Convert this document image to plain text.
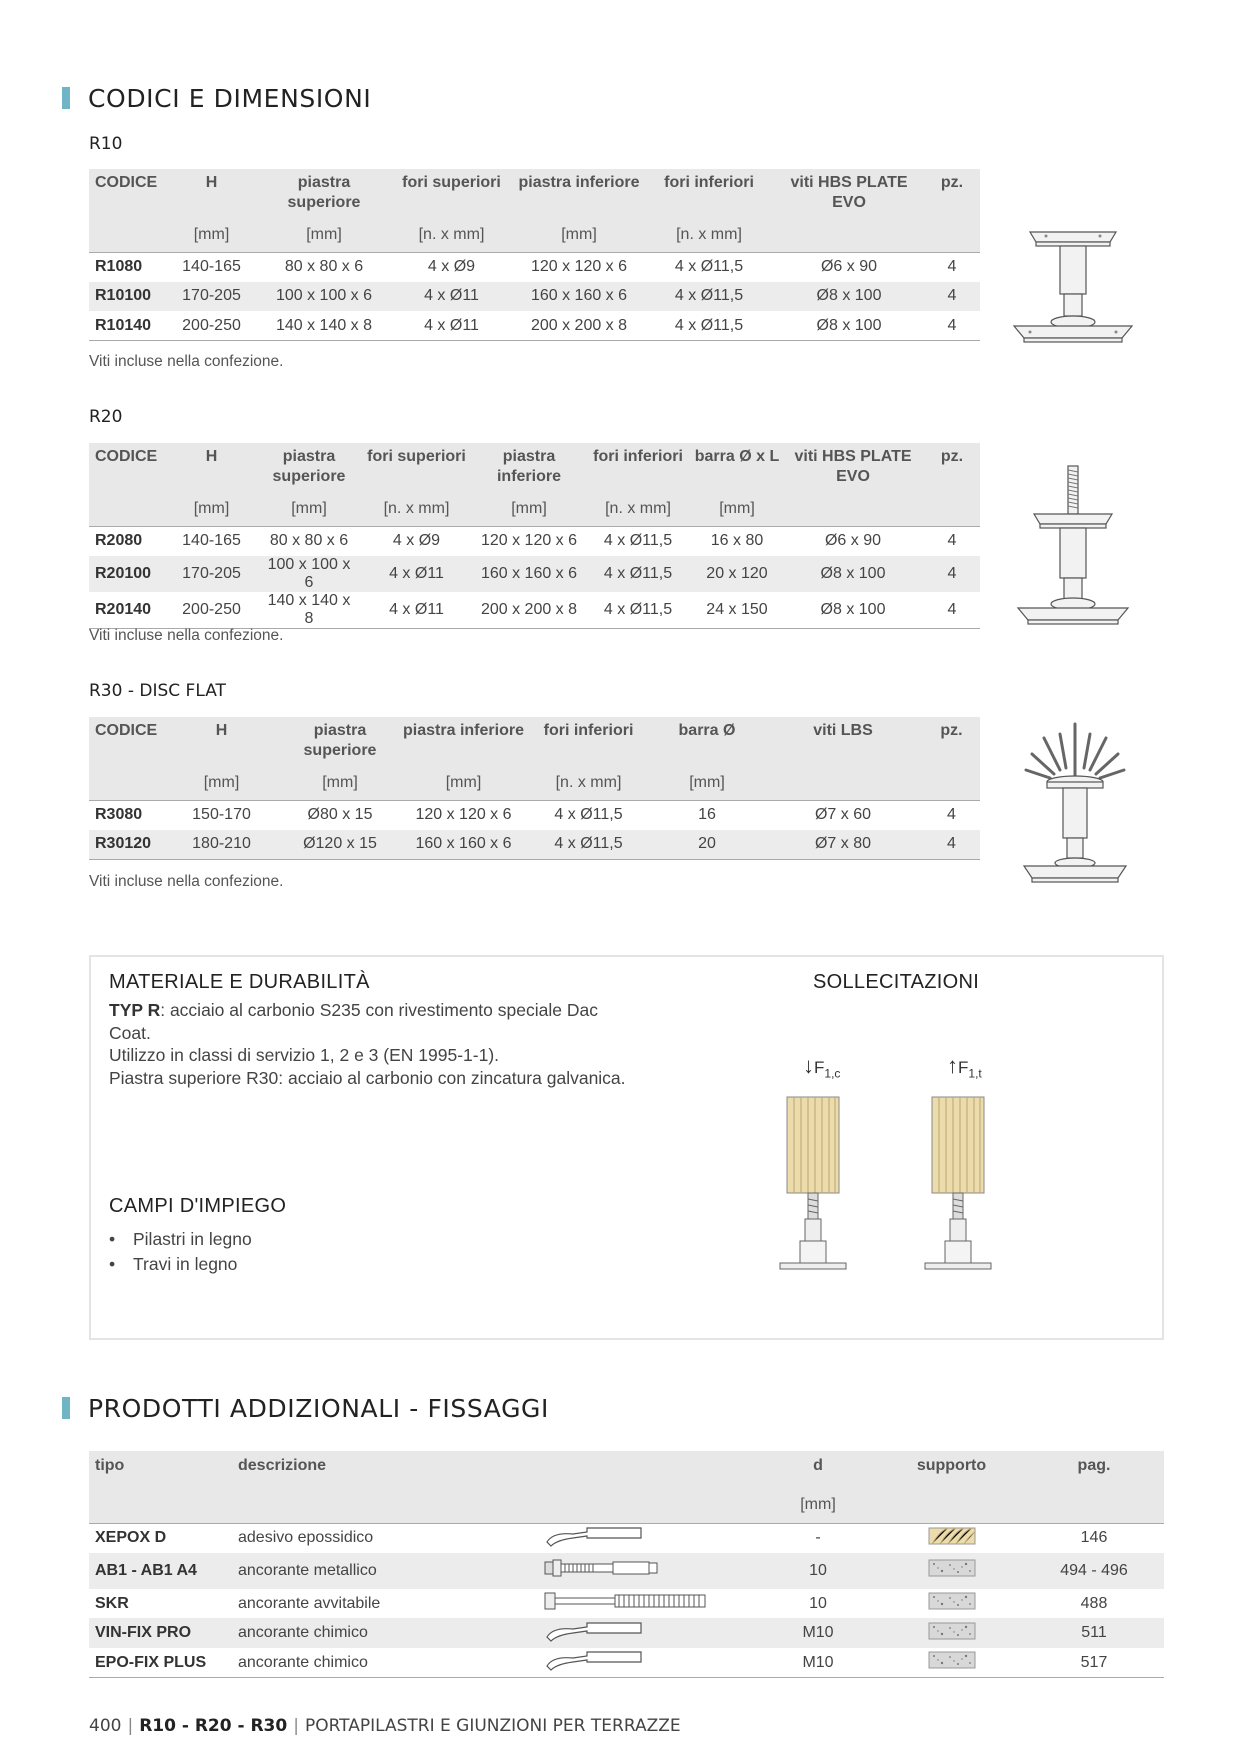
CODICI E DIMENSIONI
R10
CODICE	H	piastra superiore	fori superiori	piastra inferiore	fori inferiori	viti HBS PLATE EVO	pz.
	[mm]	[mm]	[n. x mm]	[mm]	[n. x mm]		
R1080	140-165	80 x 80 x 6	4 x Ø9	120 x 120 x 6	4 x Ø11,5	Ø6 x 90	4
R10100	170-205	100 x 100 x 6	4 x Ø11	160 x 160 x 6	4 x Ø11,5	Ø8 x 100	4
R10140	200-250	140 x 140 x 8	4 x Ø11	200 x 200 x 8	4 x Ø11,5	Ø8 x 100	4
Viti incluse nella confezione.
R20
CODICE	H	piastra superiore	fori superiori	piastra inferiore	fori inferiori	barra Ø x L	viti HBS PLATE EVO	pz.
	[mm]	[mm]	[n. x mm]	[mm]	[n. x mm]	[mm]		
R2080	140-165	80 x 80 x 6	4 x Ø9	120 x 120 x 6	4 x Ø11,5	16 x 80	Ø6 x 90	4
R20100	170-205	100 x 100 x 6	4 x Ø11	160 x 160 x 6	4 x Ø11,5	20 x 120	Ø8 x 100	4
R20140	200-250	140 x 140 x 8	4 x Ø11	200 x 200 x 8	4 x Ø11,5	24 x 150	Ø8 x 100	4
Viti incluse nella confezione.
R30 - DISC FLAT
CODICE	H	piastra superiore	piastra inferiore	fori inferiori	barra Ø	viti LBS	pz.
	[mm]	[mm]	[mm]	[n. x mm]	[mm]		
R3080	150-170	Ø80 x 15	120 x 120 x 6	4 x Ø11,5	16	Ø7 x 60	4
R30120	180-210	Ø120 x 15	160 x 160 x 6	4 x Ø11,5	20	Ø7 x 80	4
Viti incluse nella confezione.
MATERIALE E DURABILITÀ
TYP R: acciaio al carbonio S235 con rivestimento speciale Dac Coat.
Utilizzo in classi di servizio 1, 2 e 3 (EN 1995-1-1).
Piastra superiore R30: acciaio al carbonio con zincatura galvanica.
CAMPI D'IMPIEGO
• Pilastri in legno
• Travi in legno
SOLLECITAZIONI
$↓F_{1,c}$	$↑F_{1,t}$
PRODOTTI ADDIZIONALI - FISSAGGI
tipo	descrizione		d	supporto	pag.
			[mm]		
XEPOX D	adesivo epossidico		-		146
AB1 - AB1 A4	ancorante metallico		10		494 - 496
SKR	ancorante avvitabile		10		488
VIN-FIX PRO	ancorante chimico		M10		511
EPO-FIX PLUS	ancorante chimico		M10		517
400 | R10 - R20 - R30 | PORTAPILASTRI E GIUNZIONI PER TERRAZZE
